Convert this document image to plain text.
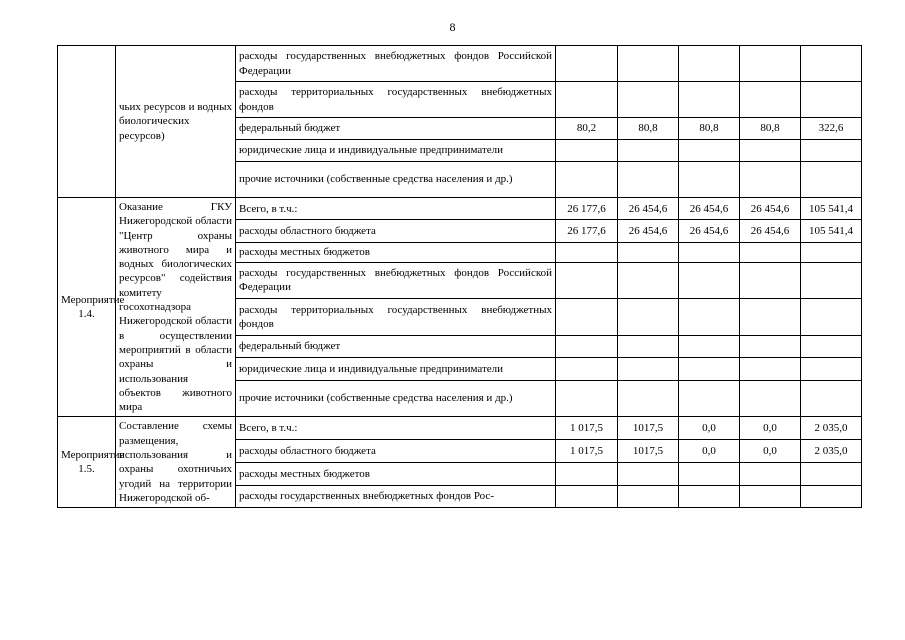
8
	чьих ресурсов и водных биологических ресурсов)	расходы государственных внебюджетных фондов Российской Федерации					
		расходы территориальных государственных внебюджетных фондов					
		федеральный бюджет	80,2	80,8	80,8	80,8	322,6
		юридические лица и индивидуальные предприниматели					
		прочие источники (собственные средства населения и др.)					
Мероприятие 1.4.	Оказание ГКУ Нижегородской области "Центр охраны животного мира и водных биологических ресурсов" содействия комитету госохотнадзора Нижегородской области в осуществлении мероприятий в области охраны и использования объектов животного мира	Всего, в т.ч.:	26 177,6	26 454,6	26 454,6	26 454,6	105 541,4
		расходы областного бюджета	26 177,6	26 454,6	26 454,6	26 454,6	105 541,4
		расходы местных бюджетов					
		расходы государственных внебюджетных фондов Российской Федерации					
		расходы территориальных государственных внебюджетных фондов					
		федеральный бюджет					
		юридические лица и индивидуальные предприниматели					
		прочие источники (собственные средства населения и др.)					
Мероприятие 1.5.	Составление схемы размещения, использования и охраны охотничьих угодий на территории Нижегородской об-	Всего, в т.ч.:	1 017,5	1017,5	0,0	0,0	2 035,0
		расходы областного бюджета	1 017,5	1017,5	0,0	0,0	2 035,0
		расходы местных бюджетов					
		расходы государственных внебюджетных фондов Рос-					
